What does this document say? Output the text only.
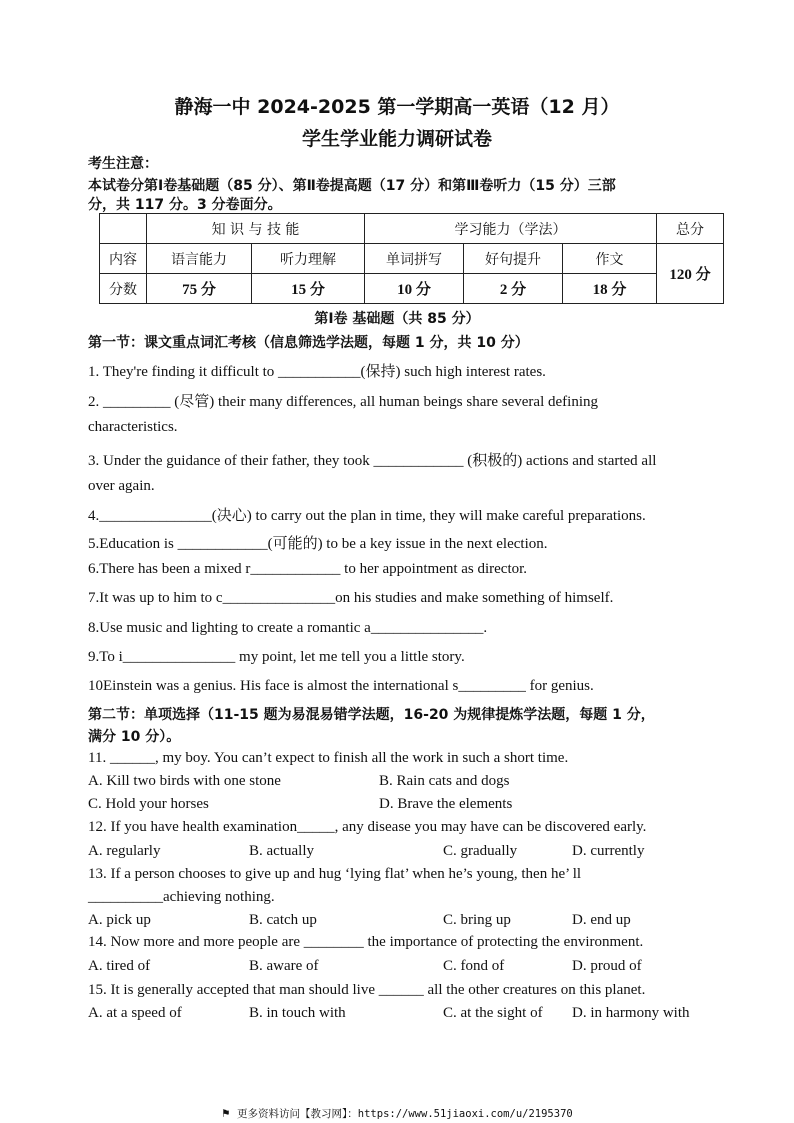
静海一中 2024-2025 第一学期高一英语（12 月）
学生学业能力调研试卷
考生注意：
本试卷分第Ⅰ卷基础题（85 分）、第Ⅱ卷提高题（17 分）和第Ⅲ卷听力（15 分）三部
分，共 117 分。3 分卷面分。
	知 识 与 技 能		学习能力（学法）			总分
内容	语言能力	听力理解	单词拼写	好句提升	作文	120 分
分数	75 分	15 分	10 分	2 分	18 分	
第Ⅰ卷 基础题（共 85 分）
第一节：课文重点词汇考核（信息筛选学法题，每题 1 分，共 10 分）
1. They're finding it difficult to ___________(保持) such high interest rates.
2. _________ (尽管) their many differences, all human beings share several defining
characteristics.
3. Under the guidance of their father, they took ____________ (积极的) actions and started all
over again.
4._______________(决心) to carry out the plan in time, they will make careful preparations.
5.Education is ____________(可能的) to be a key issue in the next election.
6.There has been a mixed r____________ to her appointment as director.
7.It was up to him to c_______________on his studies and make something of himself.
8.Use music and lighting to create a romantic a_______________.
9.To i_______________ my point, let me tell you a little story.
10Einstein was a genius. His face is almost the international s_________ for genius.
第二节：单项选择（11-15 题为易混易错学法题，16-20 为规律提炼学法题，每题 1 分，
满分 10 分）。
11. ______, my boy. You can’t expect to finish all the work in such a short time.
A. Kill two birds with one stone	B. Rain cats and dogs
C. Hold your horses	D. Brave the elements
12. If you have health examination_____, any disease you may have can be discovered early.
A. regularly	B. actually	C. gradually	D. currently
13. If a person chooses to give up and hug ‘lying flat’ when he’s young, then he’ ll
__________achieving nothing.
A. pick up	B. catch up	C. bring up	D. end up
14. Now more and more people are ________ the importance of protecting the environment.
A. tired of	B. aware of	C. fond of	D. proud of
15. It is generally accepted that man should live ______ all the other creatures on this planet.
A. at a speed of	B. in touch with	C. at the sight of D. in harmony with
⚑ 更多资料访问【教习网】：https://www.51jiaoxi.com/u/2195370
